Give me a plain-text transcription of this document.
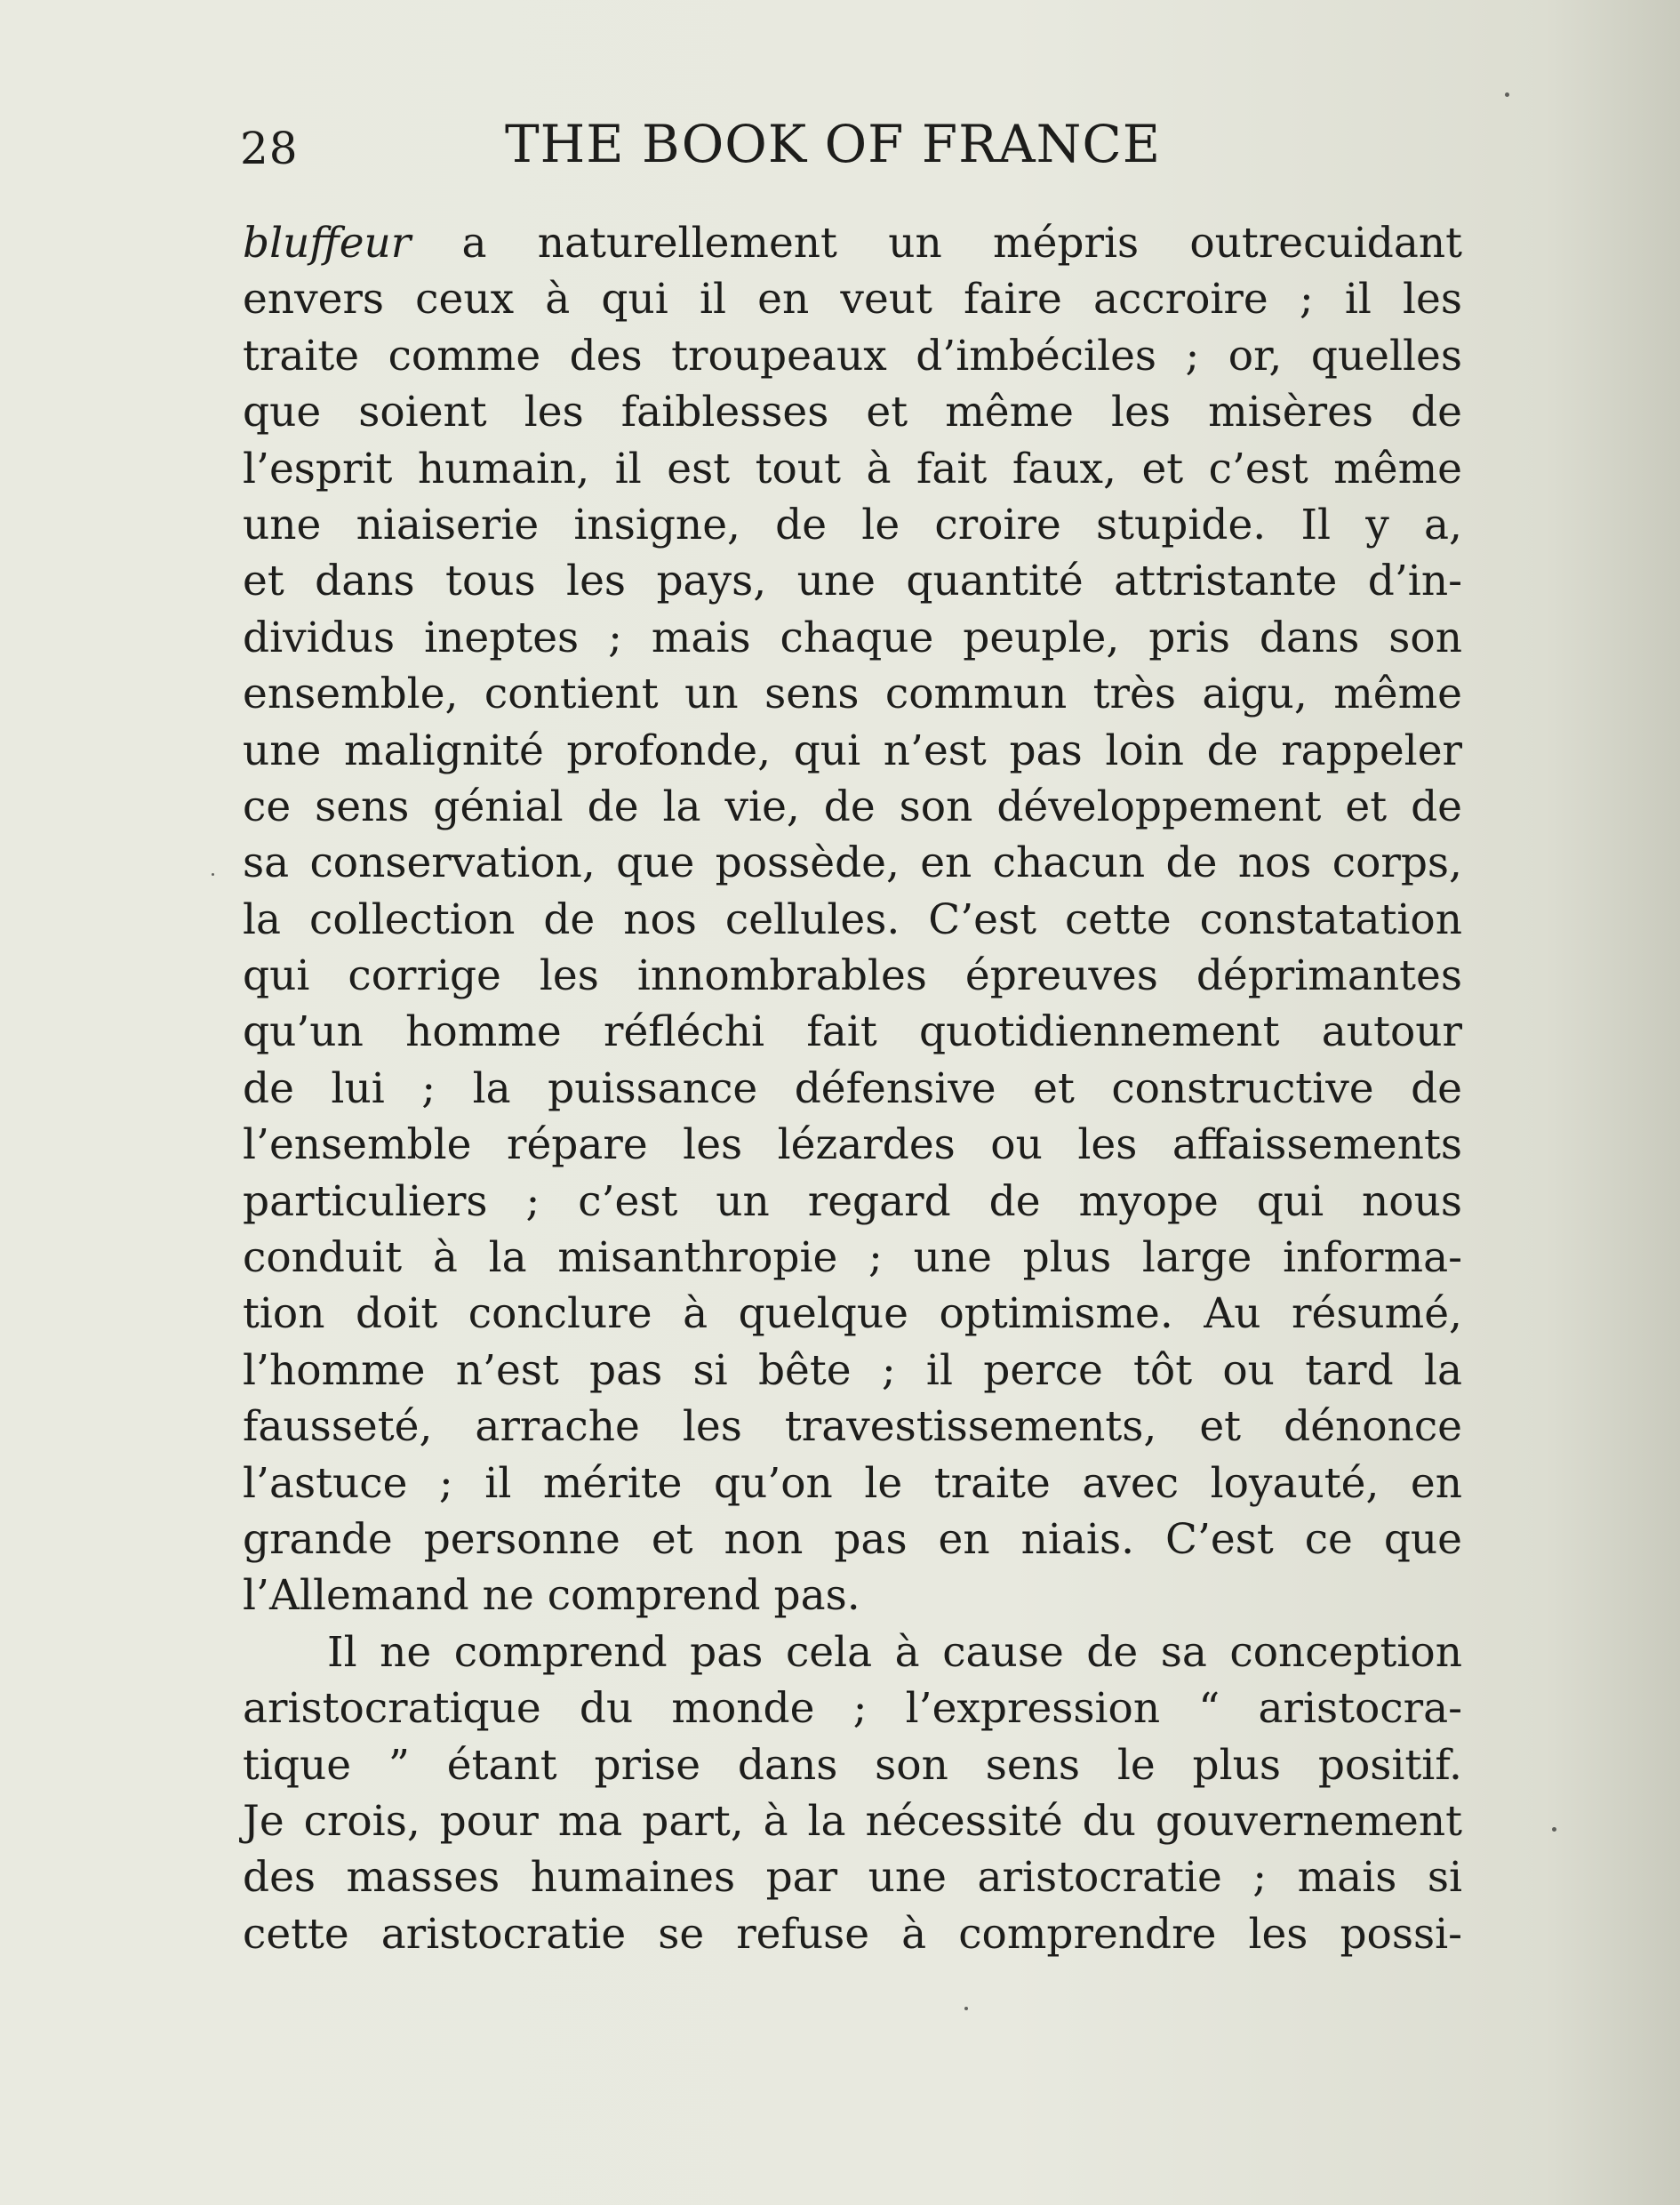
28	THE BOOK OF FRANCE
bluffeur a naturellement un mépris outrecuidant
envers ceux à qui il en veut faire accroire ; il les
traite comme des troupeaux d’imbéciles ; or, quelles
que soient les faiblesses et même les misères de
l’esprit humain, il est tout à fait faux, et c’est même
une niaiserie insigne, de le croire stupide. Il y a,
et dans tous les pays, une quantité attristante d’in-
dividus ineptes ; mais chaque peuple, pris dans son
ensemble, contient un sens commun très aigu, même
une malignité profonde, qui n’est pas loin de rappeler
ce sens génial de la vie, de son développement et de
sa conservation, que possède, en chacun de nos corps,
la collection de nos cellules. C’est cette constatation
qui corrige les innombrables épreuves déprimantes
qu’un homme réfléchi fait quotidiennement autour
de lui ; la puissance défensive et constructive de
l’ensemble répare les lézardes ou les affaissements
particuliers ; c’est un regard de myope qui nous
conduit à la misanthropie ; une plus large informa-
tion doit conclure à quelque optimisme. Au résumé,
l’homme n’est pas si bête ; il perce tôt ou tard la
fausseté, arrache les travestissements, et dénonce
l’astuce ; il mérite qu’on le traite avec loyauté, en
grande personne et non pas en niais. C’est ce que
l’Allemand ne comprend pas.
Il ne comprend pas cela à cause de sa conception
aristocratique du monde ; l’expression “ aristocra-
tique ” étant prise dans son sens le plus positif.
Je crois, pour ma part, à la nécessité du gouvernement
des masses humaines par une aristocratie ; mais si
cette aristocratie se refuse à comprendre les possi-
